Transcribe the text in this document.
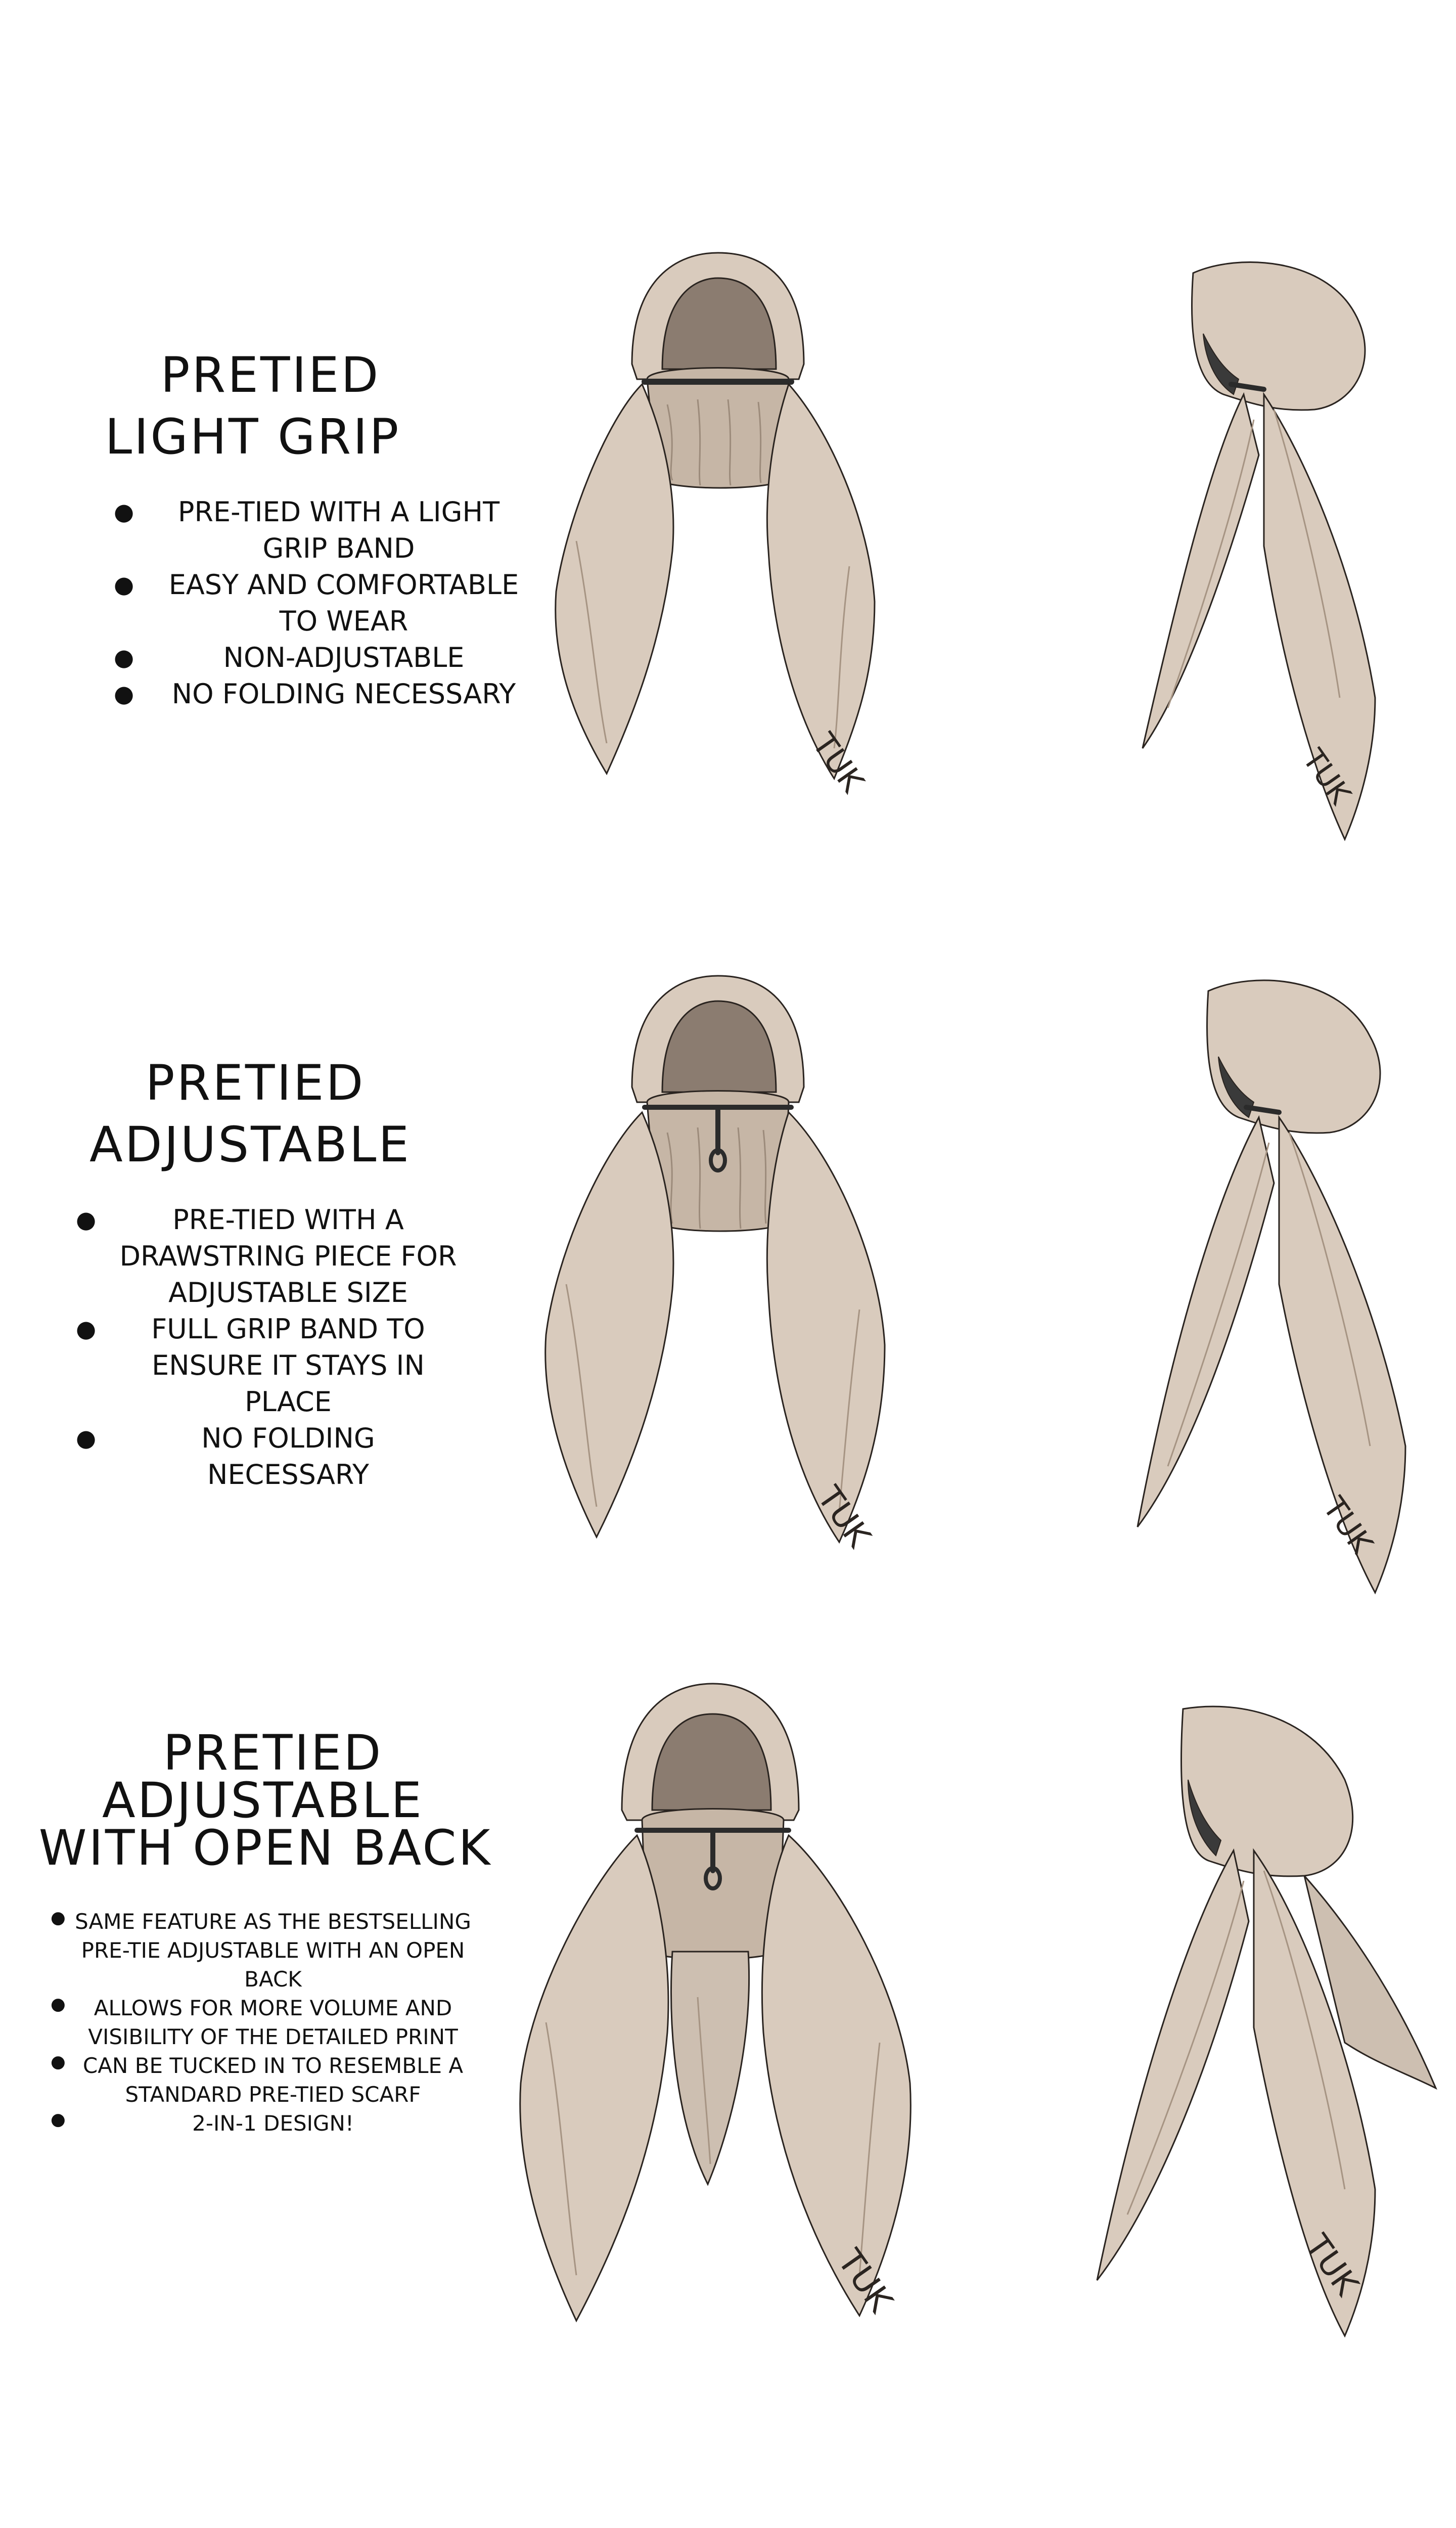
PRETIED
LIGHT GRIP
● PRE-TIED WITH A LIGHT GRIP BAND
● EASY AND COMFORTABLE TO WEAR
●	NON-ADJUSTABLE
● NO FOLDING NECESSARY
TUK	TUK
PRETIED
ADJUSTABLE
●	PRE-TIED WITH A DRAWSTRING PIECE FOR ADJUSTABLE SIZE
● FULL GRIP BAND TO ENSURE IT STAYS IN PLACE
●	NO FOLDING NECESSARY
TUK	TUK
PRETIED
ADJUSTABLE
WITH OPEN BACK
● SAME FEATURE AS THE BESTSELLING PRE-TIE ADJUSTABLE WITH AN OPEN BACK
● ALLOWS FOR MORE VOLUME AND VISIBILITY OF THE DETAILED PRINT
● CAN BE TUCKED IN TO RESEMBLE A STANDARD PRE-TIED SCARF
●	2-IN-1 DESIGN!
TUK	TUK
